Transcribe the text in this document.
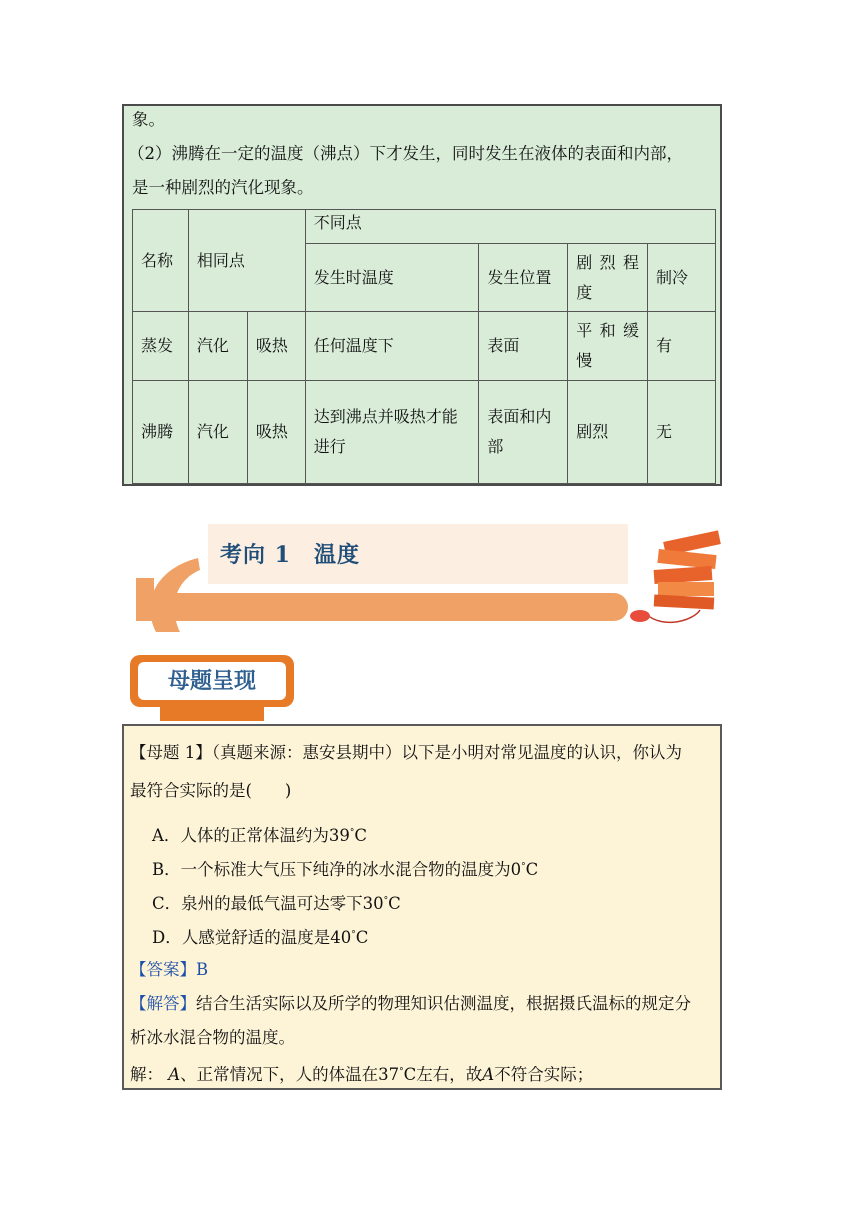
象。
（2）沸腾在一定的温度（沸点）下才发生，同时发生在液体的表面和内部，
是一种剧烈的汽化现象。
名称	相同点		不同点			
			发生时温度	发生位置	剧烈程度	制冷
蒸发	汽化	吸热	任何温度下	表面	平和缓慢	有
沸腾	汽化	吸热	达到沸点并吸热才能进行	表面和内部	剧烈	无
考向 1　温度
母题呈现
【母题 1】（真题来源：惠安县期中）以下是小明对常见温度的认识，你认为
最符合实际的是(　　)
A．人体的正常体温约为39°C
B．一个标准大气压下纯净的冰水混合物的温度为0°C
C．泉州的最低气温可达零下30°C
D．人感觉舒适的温度是40°C
【答案】B
【解答】结合生活实际以及所学的物理知识估测温度，根据摄氏温标的规定分
析冰水混合物的温度。
解： A、正常情况下，人的体温在37°C左右，故A不符合实际；
